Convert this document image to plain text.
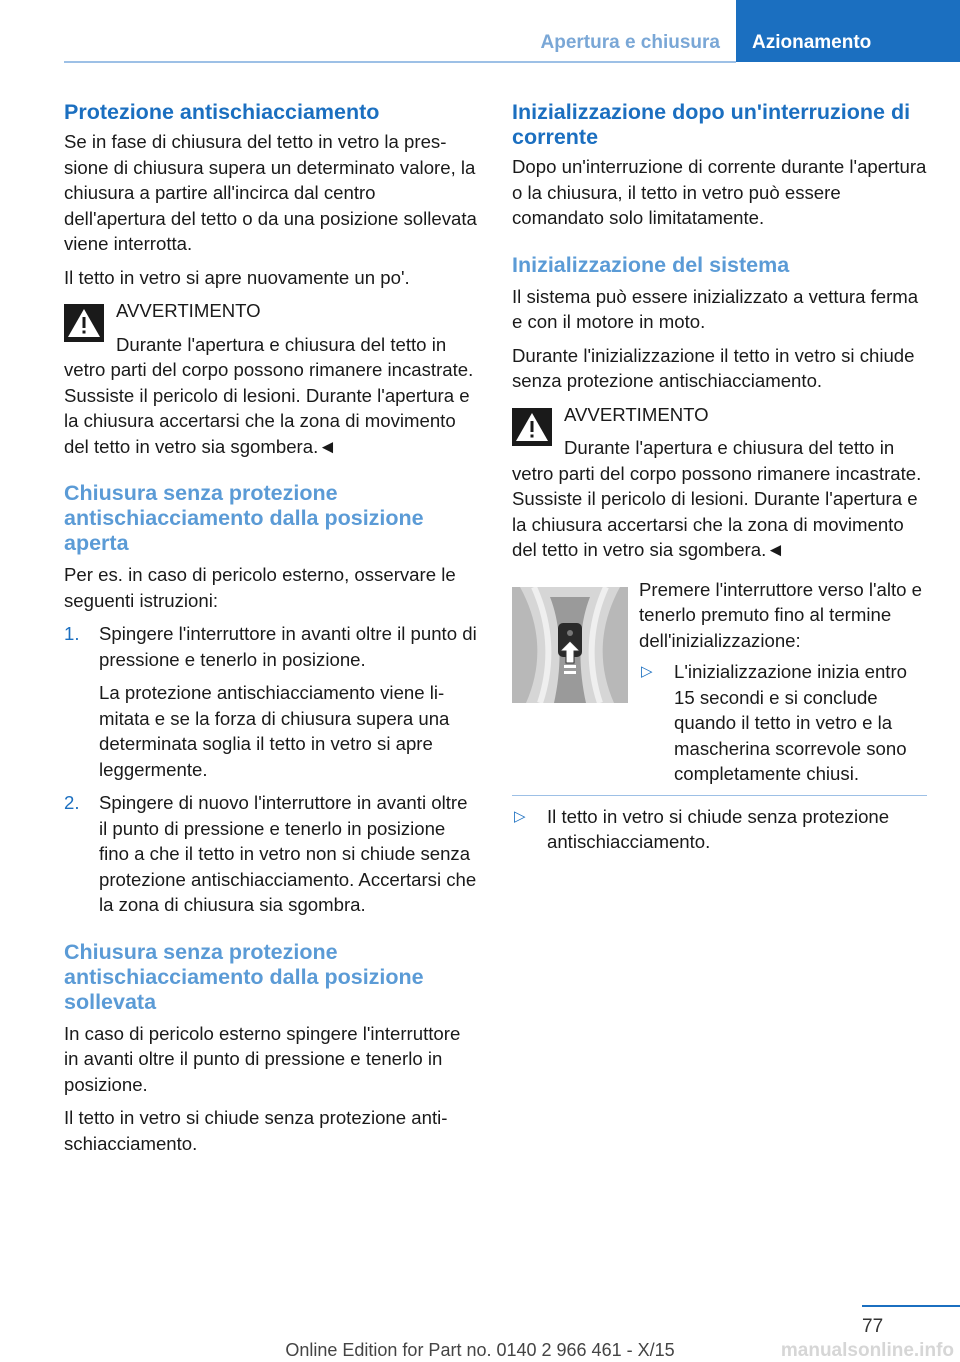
Apertura e chiusura Azionamento
Protezione antischiacciamento

Se in fase di chiusura del tetto in vetro la pressione di chiusura supera un determinato valore, la chiusura a partire all'incirca dal centro dell'apertura del tetto o da una posizione sollevata viene interrotta.

Il tetto in vetro si apre nuovamente un po'.

AVVERTIMENTO
Durante l'apertura e chiusura del tetto in vetro parti del corpo possono rimanere incastrate. Sussiste il pericolo di lesioni. Durante l'apertura e la chiusura accertarsi che la zona di movimento del tetto in vetro sia sgombera.◄
Chiusura senza protezione antischiacciamento dalla posizione aperta

Per es. in caso di pericolo esterno, osservare le seguenti istruzioni:

1. Spingere l'interruttore in avanti oltre il punto di pressione e tenerlo in posizione.
La protezione antischiacciamento viene limitata e se la forza di chiusura supera una determinata soglia il tetto in vetro si apre leggermente.
2. Spingere di nuovo l'interruttore in avanti oltre il punto di pressione e tenerlo in posizione fino a che il tetto in vetro non si chiude senza protezione antischiacciamento. Accertarsi che la zona di chiusura sia sgombra.
Chiusura senza protezione antischiacciamento dalla posizione sollevata

In caso di pericolo esterno spingere l'interruttore in avanti oltre il punto di pressione e tenerlo in posizione.

Il tetto in vetro si chiude senza protezione antischiacciamento.

Inizializzazione dopo un'interruzione di corrente

Dopo un'interruzione di corrente durante l'apertura o la chiusura, il tetto in vetro può essere comandato solo limitatamente.

Inizializzazione del sistema

Il sistema può essere inizializzato a vettura ferma e con il motore in moto.

Durante l'inizializzazione il tetto in vetro si chiude senza protezione antischiacciamento.

AVVERTIMENTO
Durante l'apertura e chiusura del tetto in vetro parti del corpo possono rimanere incastrate. Sussiste il pericolo di lesioni. Durante l'apertura e la chiusura accertarsi che la zona di movimento del tetto in vetro sia sgombera.◄

Premere l'interruttore verso l'alto e tenerlo premuto fino al termine dell'inizializzazione:

▷ L'inizializzazione inizia entro 15 secondi e si conclude quando il tetto in vetro e la mascherina scorrevole sono completamente chiusi.
▷ Il tetto in vetro si chiude senza protezione antischiacciamento.
77
Online Edition for Part no. 0140 2 966 461 - X/15	manualsonline.info
